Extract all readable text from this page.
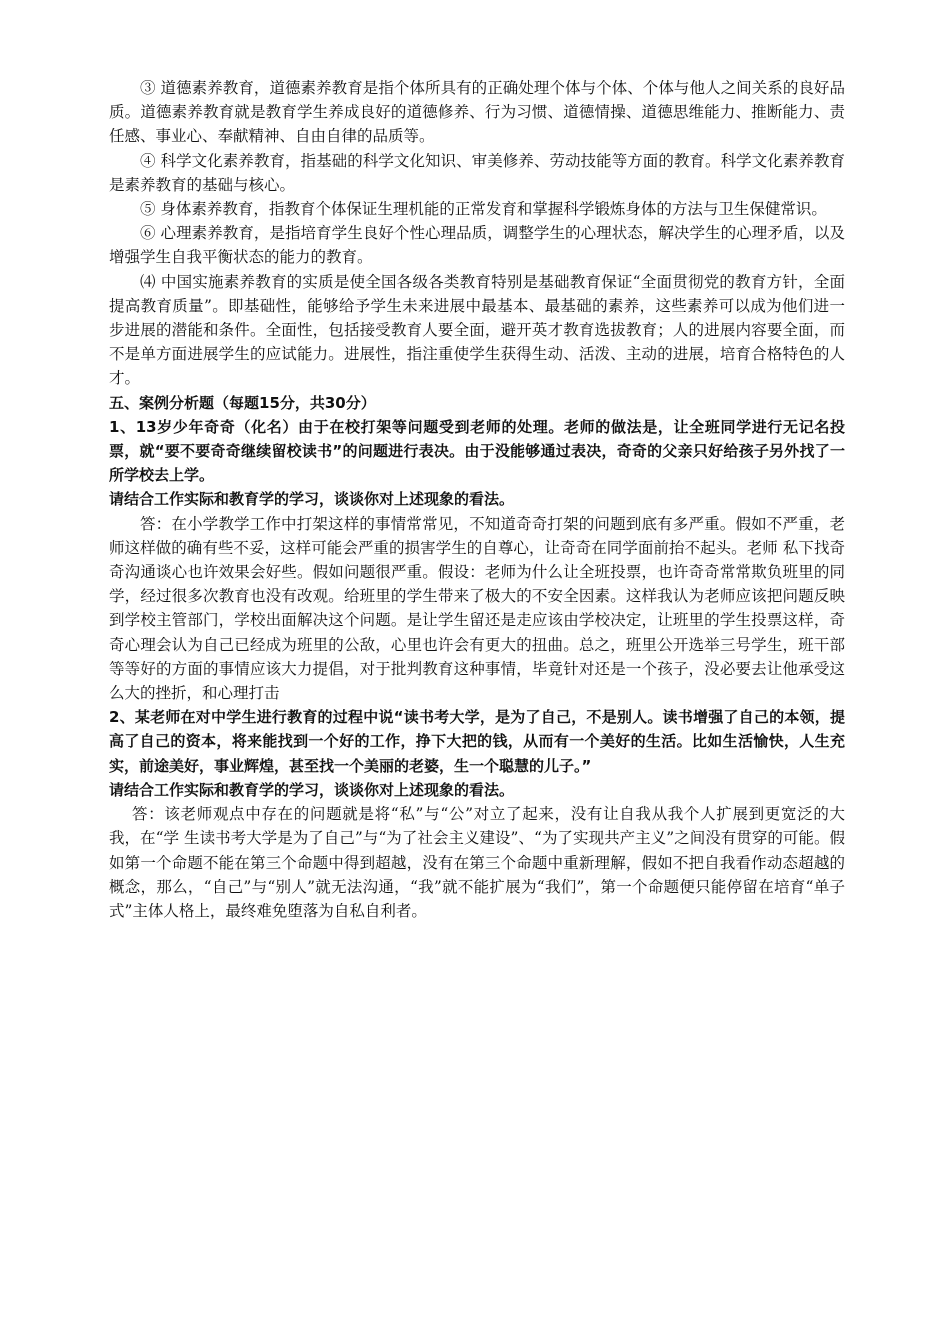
③ 道德素养教育，道德素养教育是指个体所具有的正确处理个体与个体、个体与他人之间关系的良好品质。道德素养教育就是教育学生养成良好的道德修养、行为习惯、道德情操、道德思维能力、推断能力、责任感、事业心、奉献精神、自由自律的品质等。

④ 科学文化素养教育，指基础的科学文化知识、审美修养、劳动技能等方面的教育。科学文化素养教育是素养教育的基础与核心。

⑤ 身体素养教育，指教育个体保证生理机能的正常发育和掌握科学锻炼身体的方法与卫生保健常识。

⑥ 心理素养教育，是指培育学生良好个性心理品质，调整学生的心理状态，解决学生的心理矛盾，以及增强学生自我平衡状态的能力的教育。

⑷ 中国实施素养教育的实质是使全国各级各类教育特别是基础教育保证“全面贯彻党的教育方针，全面提高教育质量”。即基础性，能够给予学生未来进展中最基本、最基础的素养，这些素养可以成为他们进一步进展的潜能和条件。全面性，包括接受教育人要全面，避开英才教育选拔教育；人的进展内容要全面，而不是单方面进展学生的应试能力。进展性，指注重使学生获得生动、活泼、主动的进展，培育合格特色的人才。

五、案例分析题（每题15分，共30分）

1、13岁少年奇奇（化名）由于在校打架等问题受到老师的处理。老师的做法是，让全班同学进行无记名投票，就“要不要奇奇继续留校读书”的问题进行表决。由于没能够通过表决，奇奇的父亲只好给孩子另外找了一所学校去上学。

请结合工作实际和教育学的学习，谈谈你对上述现象的看法。

答：在小学教学工作中打架这样的事情常常见，不知道奇奇打架的问题到底有多严重。假如不严重，老师这样做的确有些不妥，这样可能会严重的损害学生的自尊心，让奇奇在同学面前抬不起头。老师 私下找奇奇沟通谈心也许效果会好些。假如问题很严重。假设：老师为什么让全班投票，也许奇奇常常欺负班里的同学，经过很多次教育也没有改观。给班里的学生带来了极大的不安全因素。这样我认为老师应该把问题反映到学校主管部门，学校出面解决这个问题。是让学生留还是走应该由学校决定，让班里的学生投票这样，奇奇心理会认为自己已经成为班里的公敌，心里也许会有更大的扭曲。总之，班里公开选举三号学生，班干部等等好的方面的事情应该大力提倡，对于批判教育这种事情，毕竟针对还是一个孩子，没必要去让他承受这么大的挫折，和心理打击

2、某老师在对中学生进行教育的过程中说“读书考大学，是为了自己，不是别人。读书增强了自己的本领，提高了自己的资本，将来能找到一个好的工作，挣下大把的钱，从而有一个美好的生活。比如生活愉快，人生充实，前途美好，事业辉煌，甚至找一个美丽的老婆，生一个聪慧的儿子。”

请结合工作实际和教育学的学习，谈谈你对上述现象的看法。

答：该老师观点中存在的问题就是将“私”与“公”对立了起来，没有让自我从我个人扩展到更宽泛的大我，在“学 生读书考大学是为了自己”与“为了社会主义建设”、“为了实现共产主义”之间没有贯穿的可能。假如第一个命题不能在第三个命题中得到超越，没有在第三个命题中重新理解，假如不把自我看作动态超越的概念，那么，“自己”与“别人”就无法沟通，“我”就不能扩展为“我们”，第一个命题便只能停留在培育“单子式”主体人格上，最终难免堕落为自私自利者。
